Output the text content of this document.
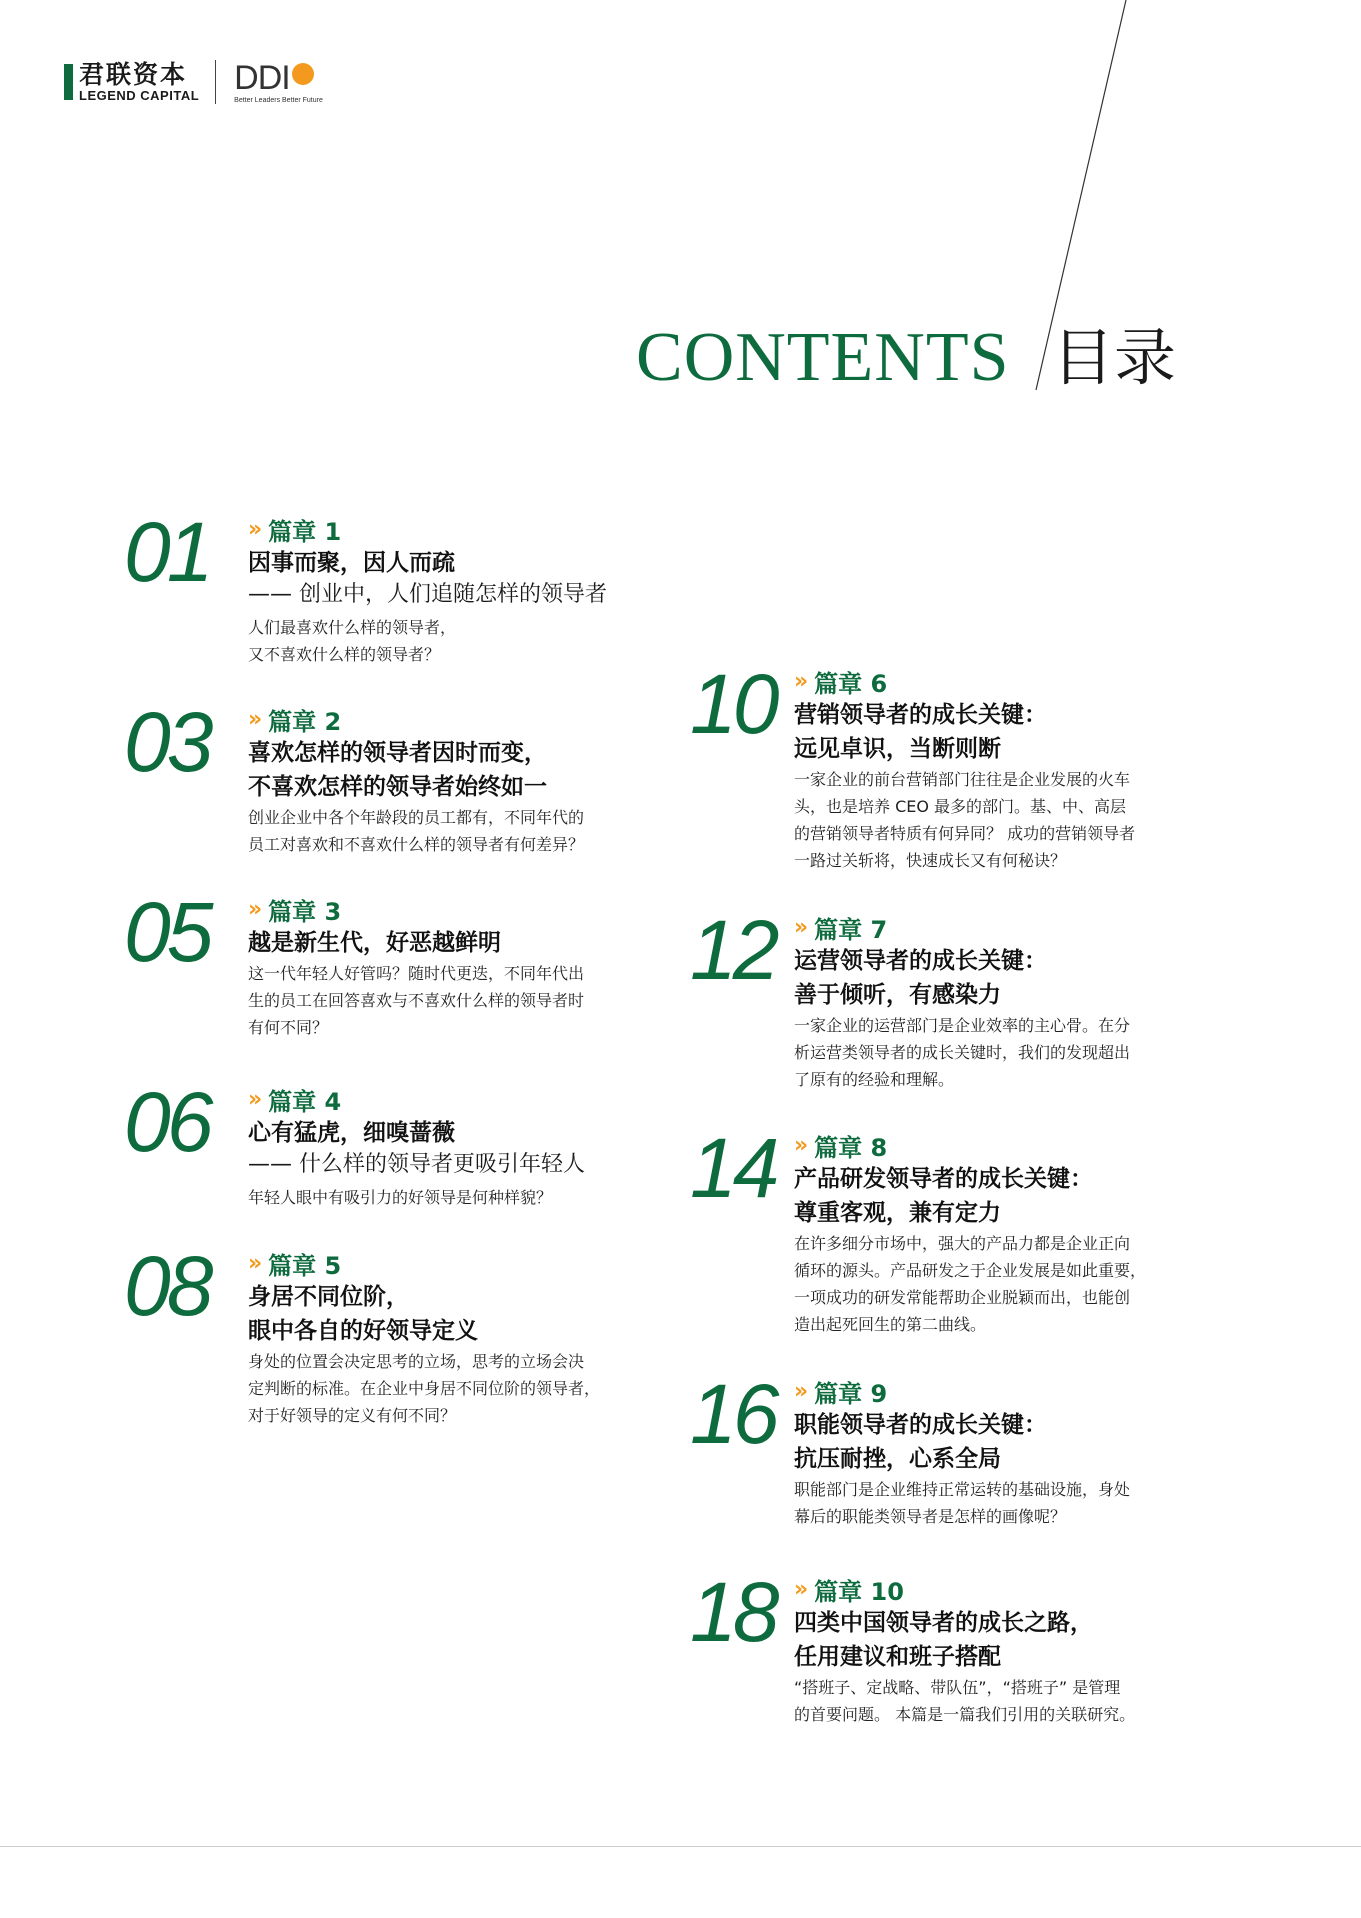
君联资本
LEGEND CAPITAL DDI
Better Leaders Better Future
CONTENTS 目录
01 ›› 篇章 1
因事而聚，因人而疏
—— 创业中，人们追随怎样的领导者
人们最喜欢什么样的领导者，
又不喜欢什么样的领导者？
03 ›› 篇章 2
喜欢怎样的领导者因时而变，
不喜欢怎样的领导者始终如一
创业企业中各个年龄段的员工都有，不同年代的
员工对喜欢和不喜欢什么样的领导者有何差异？
05 ›› 篇章 3
越是新生代，好恶越鲜明
这一代年轻人好管吗？随时代更迭，不同年代出
生的员工在回答喜欢与不喜欢什么样的领导者时
有何不同？
06 ›› 篇章 4
心有猛虎，细嗅蔷薇
—— 什么样的领导者更吸引年轻人
年轻人眼中有吸引力的好领导是何种样貌？
08 ›› 篇章 5
身居不同位阶，
眼中各自的好领导定义
身处的位置会决定思考的立场，思考的立场会决
定判断的标准。在企业中身居不同位阶的领导者，
对于好领导的定义有何不同？
10 ›› 篇章 6
营销领导者的成长关键：
远见卓识，当断则断
一家企业的前台营销部门往往是企业发展的火车
头，也是培养 CEO 最多的部门。基、中、高层
的营销领导者特质有何异同？ 成功的营销领导者
一路过关斩将，快速成长又有何秘诀？
12 ›› 篇章 7
运营领导者的成长关键：
善于倾听，有感染力
一家企业的运营部门是企业效率的主心骨。在分
析运营类领导者的成长关键时，我们的发现超出
了原有的经验和理解。
14 ›› 篇章 8
产品研发领导者的成长关键：
尊重客观，兼有定力
在许多细分市场中，强大的产品力都是企业正向
循环的源头。产品研发之于企业发展是如此重要，
一项成功的研发常能帮助企业脱颖而出，也能创
造出起死回生的第二曲线。
16 ›› 篇章 9
职能领导者的成长关键：
抗压耐挫，心系全局
职能部门是企业维持正常运转的基础设施，身处
幕后的职能类领导者是怎样的画像呢？
18 ›› 篇章 10
四类中国领导者的成长之路，
任用建议和班子搭配
“搭班子、定战略、带队伍”，“搭班子” 是管理
的首要问题。 本篇是一篇我们引用的关联研究。
